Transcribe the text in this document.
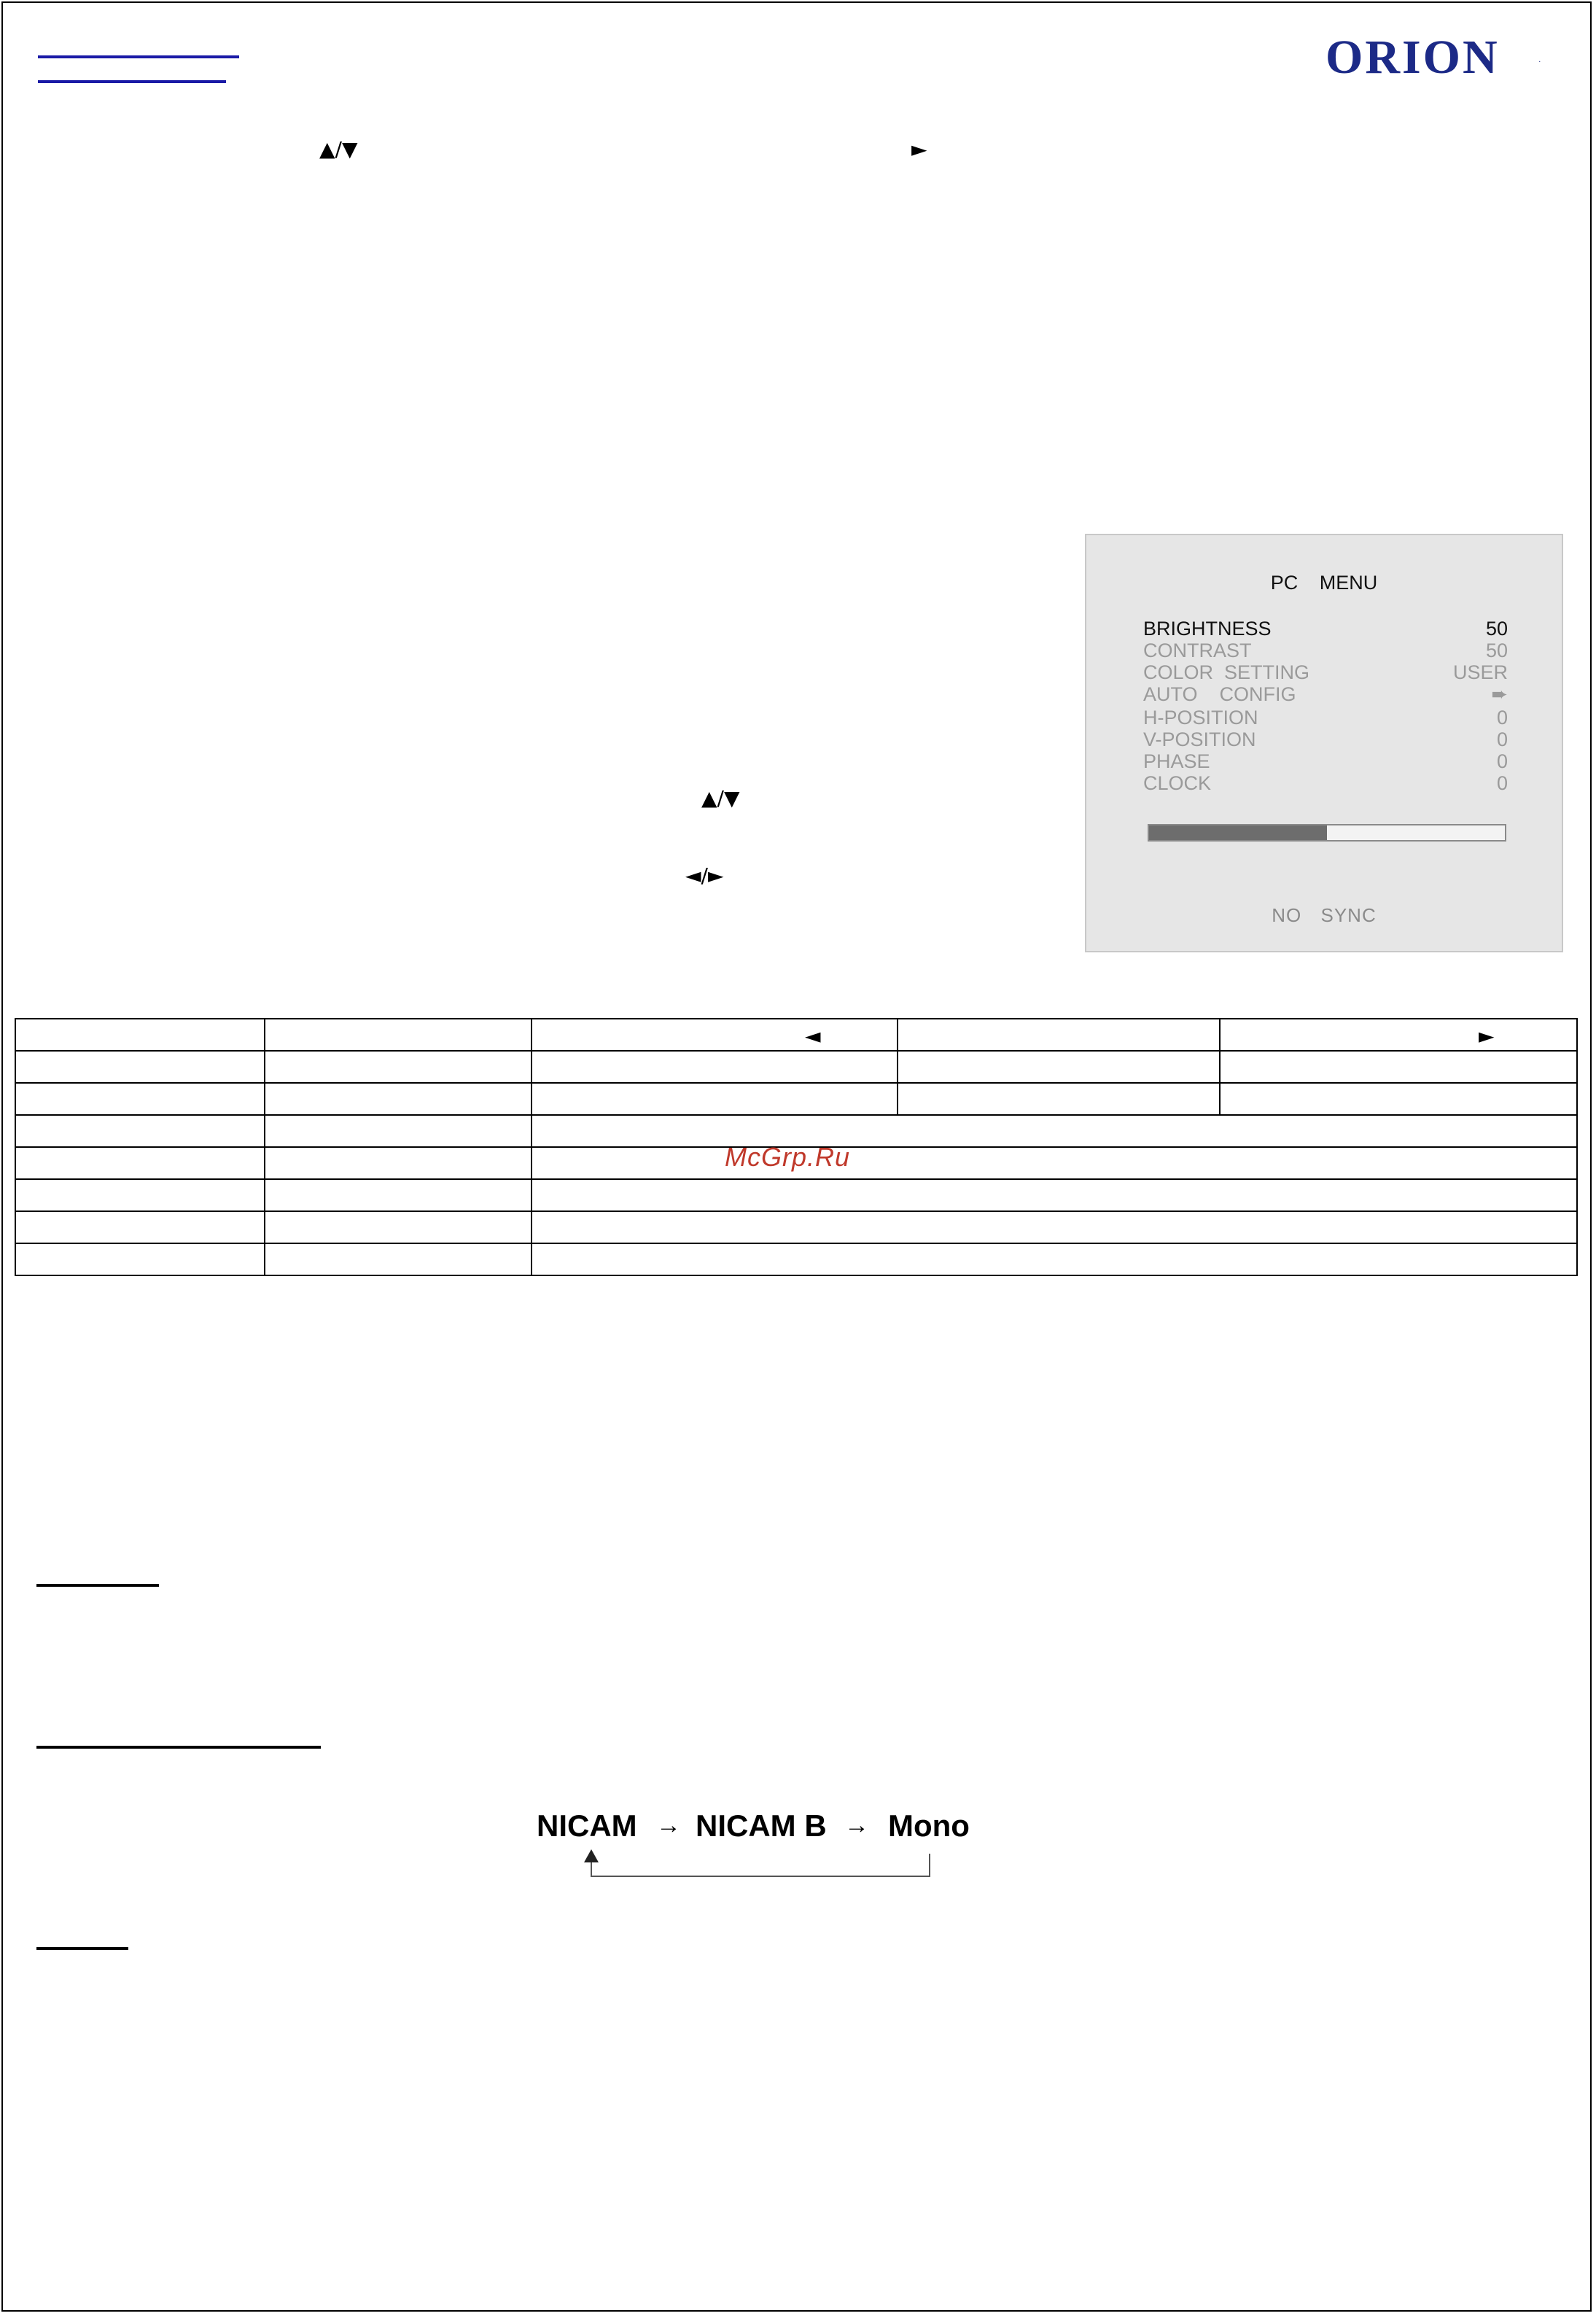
ORION	.
▲/▼	►
▲/▼
◄/►
PC MENU
BRIGHTNESS	50
CONTRAST	50
COLOR  SETTING	USER
AUTO    CONFIG	➨
H-POSITION	0
V-POSITION	0
PHASE	0
CLOCK	0
NO SYNC

		◄		►

McGrp.Ru
NICAM → NICAM B → Mono
